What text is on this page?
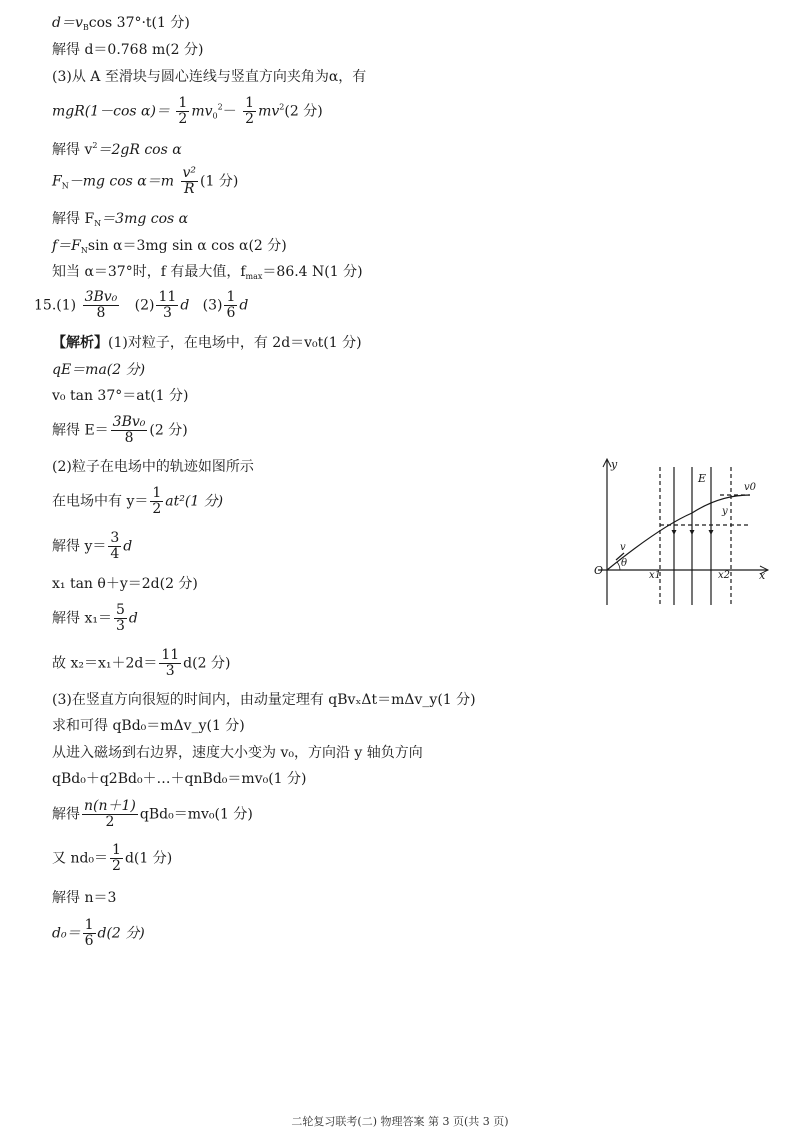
$d=v_B\cos$ 37°·t(1 分)
解得 d＝0.768 m(2 分)
(3)从 A 至滑块与圆心连线与竖直方向夹角为α，有
mgR(1－cos $\alpha)= \frac{1}{2} mv_0^2- \frac{1}{2} mv^2(2$ 分)
解得 $v^2=2gR$ cos α
$F_N-mg$ $\cos \alpha=m \frac{\text{v²}}{R} (1$ 分)
解得 $F_N=3mg$ cos α
$f=F_N\sin$ α＝3mg sin α cos α(2 分)
知当 α＝37°时，f 有最大值，$f_{max}=86.4$ N(1 分)
$15.(1) \frac{\text{3Bv₀}}{8} (2) \frac{11}{3}$ d $(3) \frac{1}{6}$ d
【解析】(1)对粒子，在电场中，有 2d＝v₀t(1 分)
qE＝ma(2 分)
v₀ tan 37°＝at(1 分)
解得 $E= \frac{\text{3Bv₀}}{8} (2$ 分)
(2)粒子在电场中的轨迹如图所示
在电场中有 $y= \frac{1}{2} at^2(1$ 分)
解得 $y= \frac{3}{4}$ d
x₁ tan θ＋y＝2d(2 分)
解得 $x_1= \frac{5}{3}$ d
故 $x_2=x_1+2d= \frac{11}{3} d(2$ 分)
(3)在竖直方向很短的时间内，由动量定理有 qBvₓΔt＝mΔv_y(1 分)
求和可得 qBd₀＝mΔv_y(1 分)
从进入磁场到右边界，速度大小变为 v₀，方向沿 y 轴负方向
qBd₀＋q2Bd₀＋…＋qnBd₀＝mv₀(1 分)
解得 $\frac{n(n+1)}{2} qBd_0=mv_0(1$ 分)
又 $nd_0= \frac{1}{2} d(1$ 分)
解得 n＝3
$d_0= \frac{1}{6} d(2$ 分)
y
x
O	x1	x2
E
v0
v
θ
y
二轮复习联考(二) 物理答案 第 3 页(共 3 页)
